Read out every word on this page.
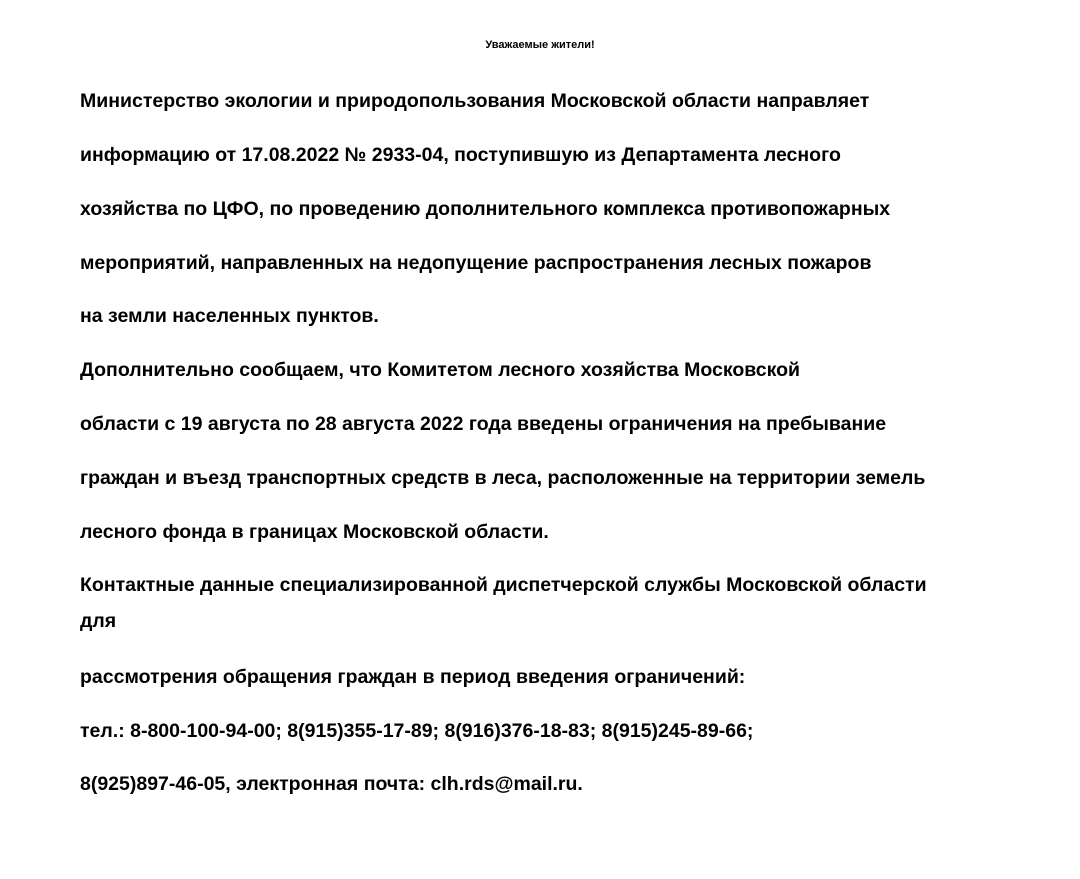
Уважаемые жители!
Министерство экологии и природопользования Московской области направляет
информацию от 17.08.2022 № 2933-04, поступившую из Департамента лесного
хозяйства по ЦФО, по проведению дополнительного комплекса противопожарных
мероприятий, направленных на недопущение распространения лесных пожаров
на земли населенных пунктов.
Дополнительно сообщаем, что Комитетом лесного хозяйства Московской
области с 19 августа по 28 августа 2022 года введены ограничения на пребывание
граждан и въезд транспортных средств в леса, расположенные на территории земель
лесного фонда в границах Московской области.
Контактные данные специализированной диспетчерской службы Московской области
для
рассмотрения обращения граждан в период введения ограничений:
тел.: 8-800-100-94-00; 8(915)355-17-89; 8(916)376-18-83; 8(915)245-89-66;
8(925)897-46-05, электронная почта: clh.rds@mail.ru.
